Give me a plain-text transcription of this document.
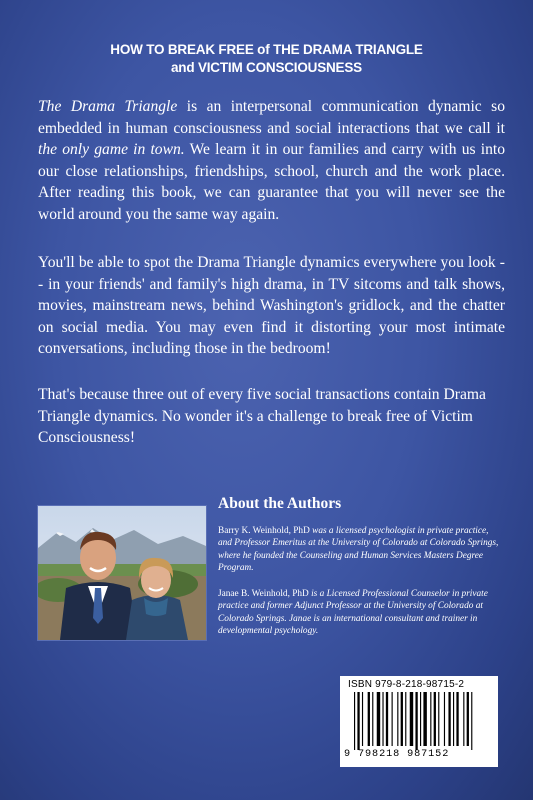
HOW TO BREAK FREE of THE DRAMA TRIANGLE
and VICTIM CONSCIOUSNESS

The Drama Triangle is an interpersonal communication dynamic so embedded in human consciousness and social interactions that we call it the only game in town. We learn it in our families and carry with us into our close relationships, friendships, school, church and the work place. After reading this book, we can guarantee that you will never see the world around you the same way again.

You'll be able to spot the Drama Triangle dynamics everywhere you look -- in your friends' and family's high drama, in TV sitcoms and talk shows, movies, mainstream news, behind Washington's gridlock, and the chatter on social media. You may even find it distorting your most intimate conversations, including those in the bedroom!

That's because three out of every five social transactions contain Drama Triangle dynamics. No wonder it's a challenge to break free of Victim Consciousness!

About the Authors
Barry K. Weinhold, PhD was a licensed psychologist in private practice, and Professor Emeritus at the University of Colorado at Colorado Springs, where he founded the Counseling and Human Services Masters Degree Program.
Janae B. Weinhold, PhD is a Licensed Professional Counselor in private practice and former Adjunct Professor at the University of Colorado at Colorado Springs. Janae is an international consultant and trainer in developmental psychology.
ISBN 979-8-218-98715-2
9 798218 987152
